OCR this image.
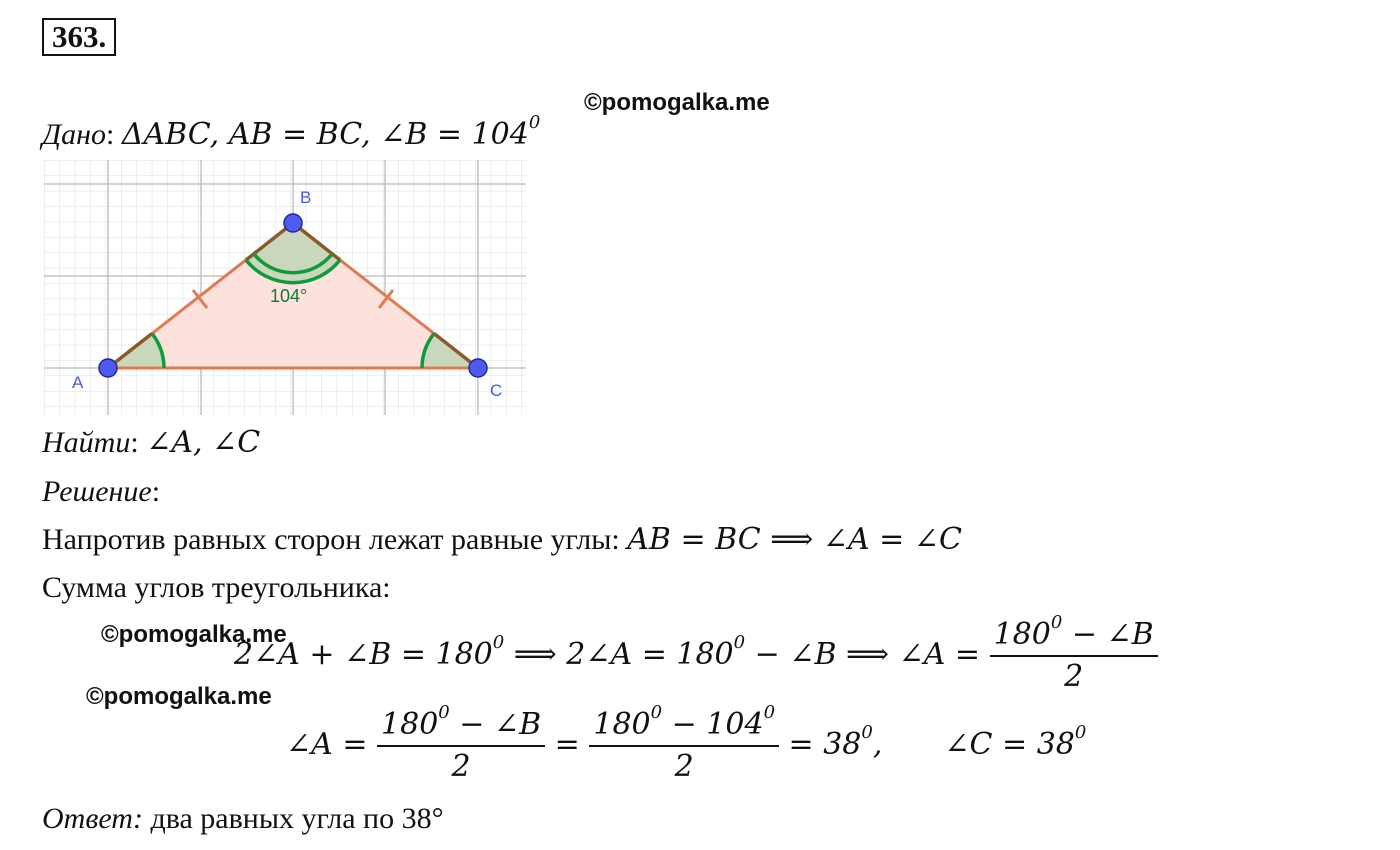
363.
©pomogalka.me
Дано: ΔABC, AB = BC, ∠B = $104^0$
A
B
C
104°
Найти: ∠A, ∠C
Решение:
Напротив равных сторон лежат равные углы: AB = BC ⟹ ∠A = ∠C
Сумма углов треугольника:
©pomogalka.me
©pomogalka.me
2∠A + ∠B = $180^0$ ⟹ 2∠A = $180^0$ − ∠B ⟹ ∠A = $\frac{180^0 - \angle B}{2}$
∠A = $\frac{180^0 - \angle B}{2} = \frac{180^0 - 104^0}{2} = 38^0$, ∠C = $38^0$
Ответ: два равных угла по 38°
